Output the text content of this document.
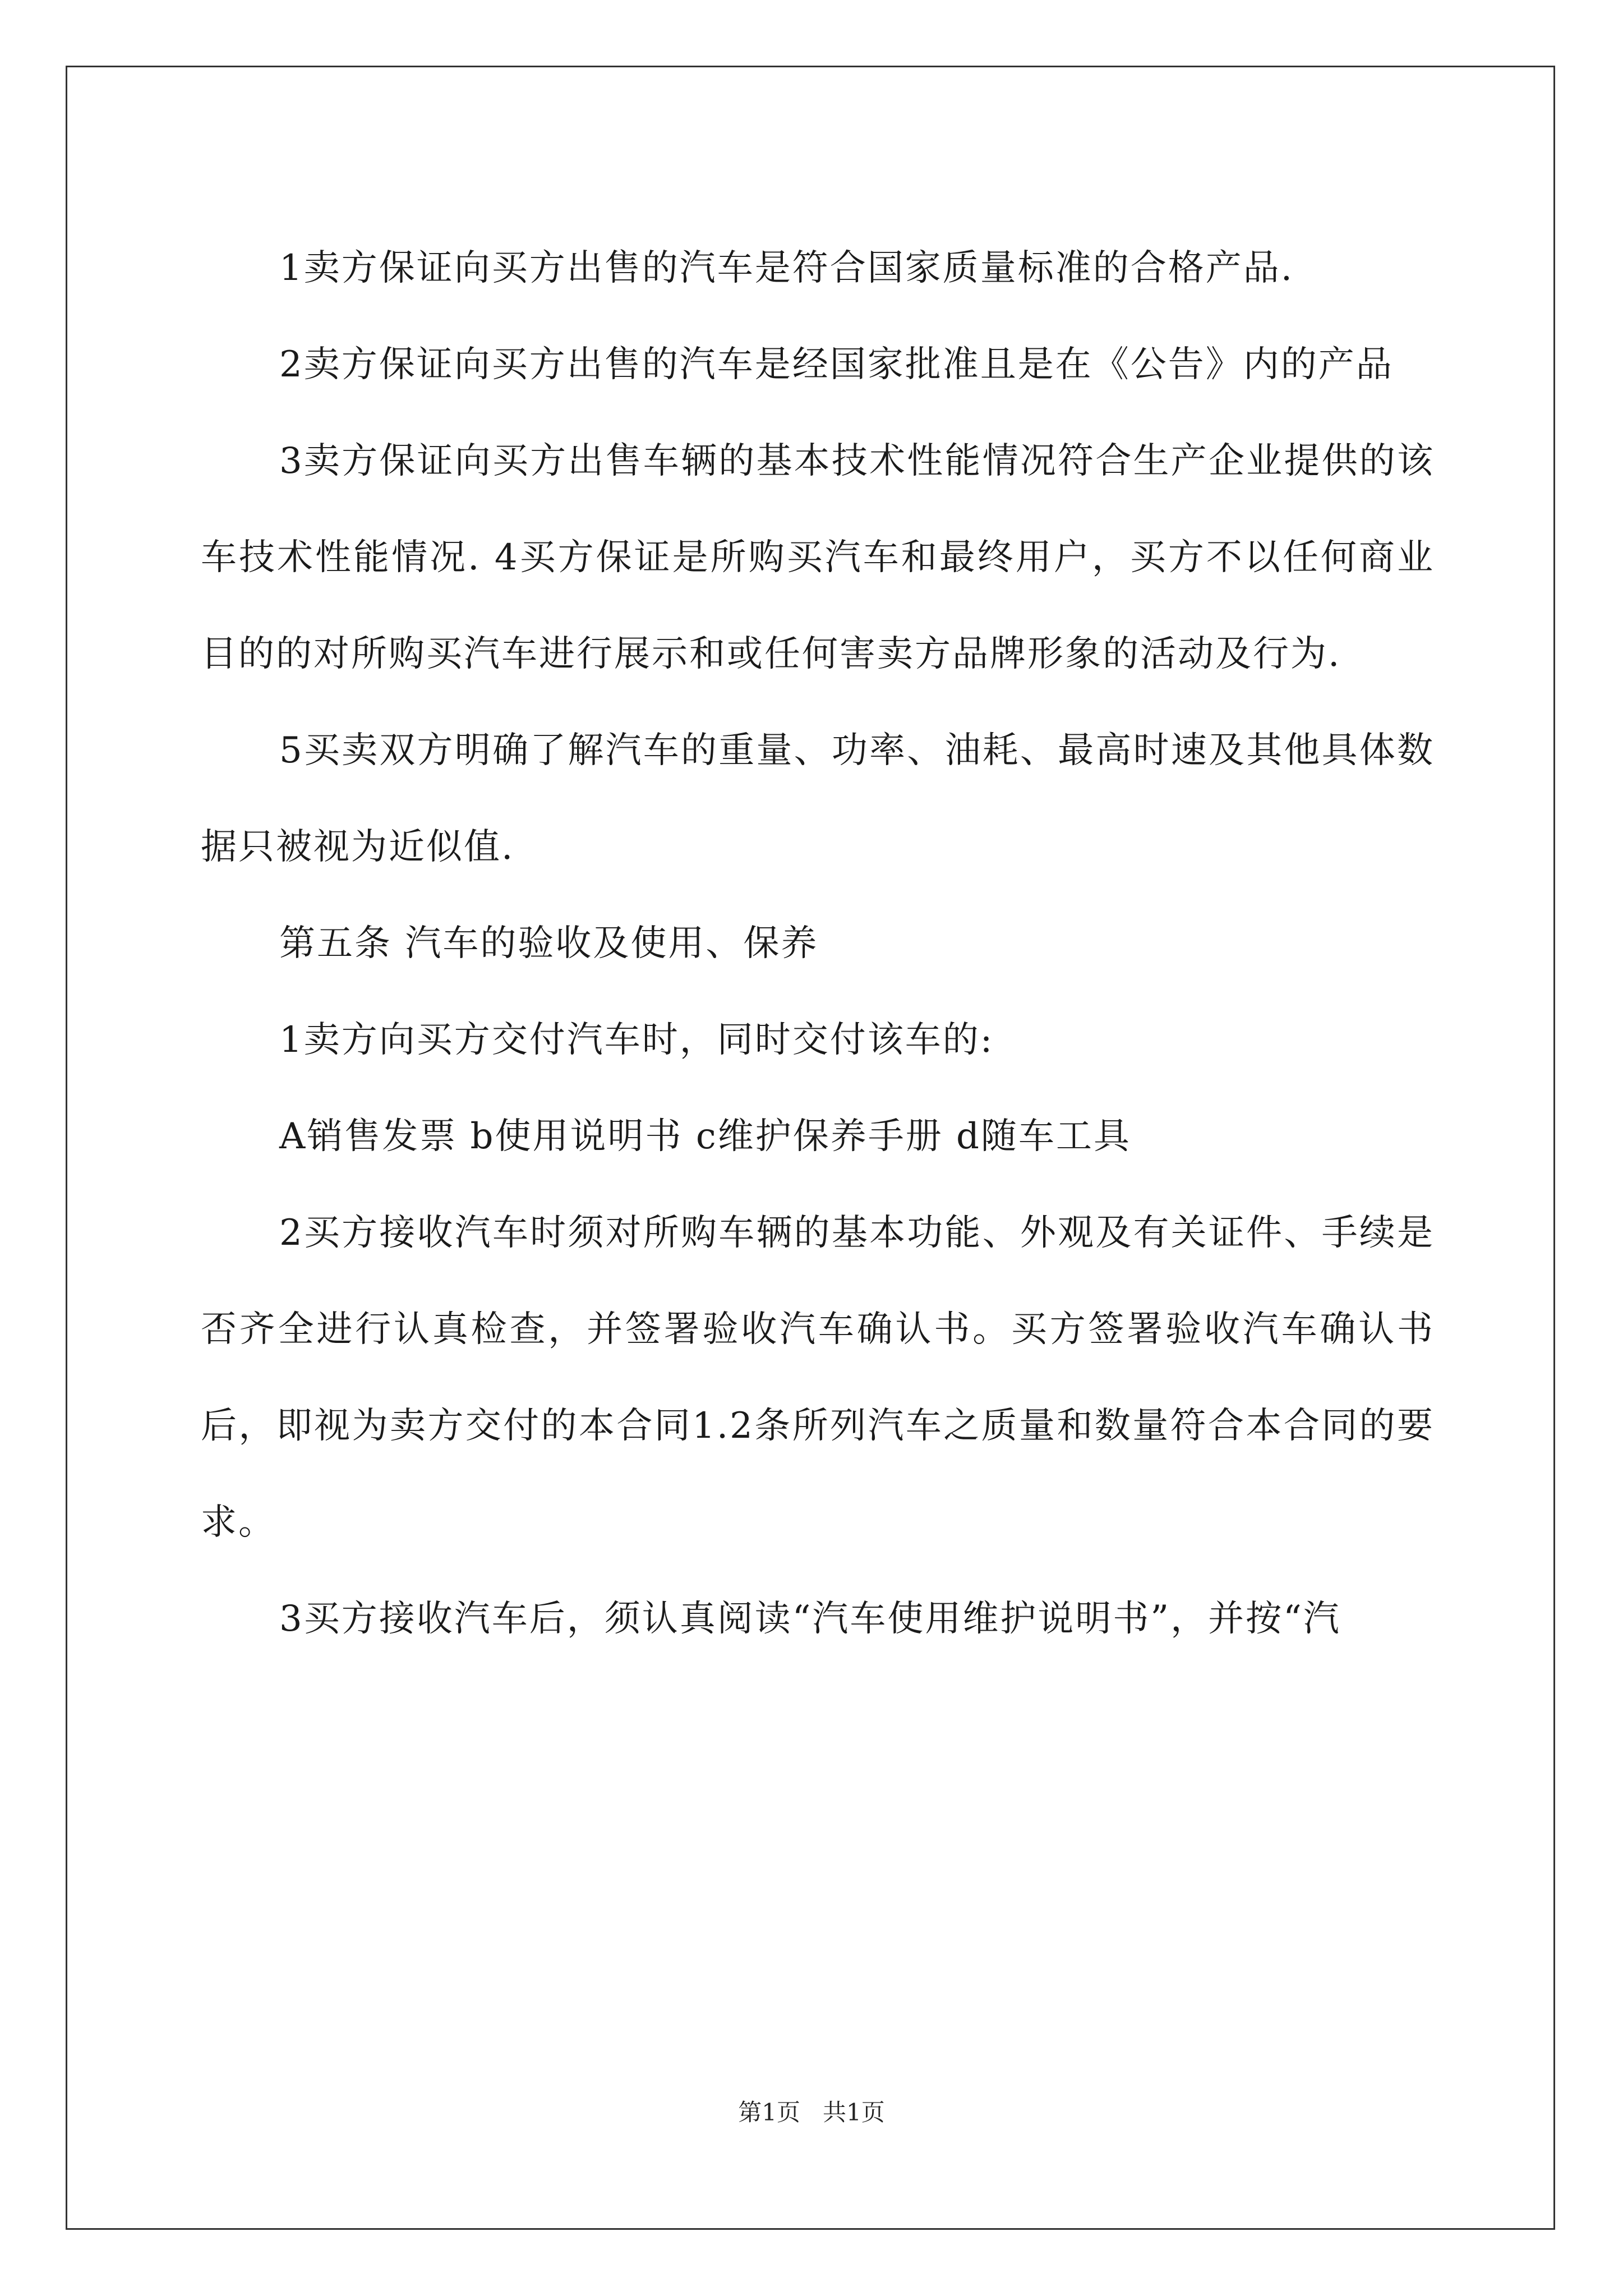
1卖方保证向买方出售的汽车是符合国家质量标准的合格产品.

2卖方保证向买方出售的汽车是经国家批准且是在《公告》内的产品

3卖方保证向买方出售车辆的基本技术性能情况符合生产企业提供的该车技术性能情况. 4买方保证是所购买汽车和最终用户，买方不以任何商业目的的对所购买汽车进行展示和或任何害卖方品牌形象的活动及行为.

5买卖双方明确了解汽车的重量、功率、油耗、最高时速及其他具体数据只被视为近似值.

第五条 汽车的验收及使用、保养

1卖方向买方交付汽车时，同时交付该车的:

A销售发票 b使用说明书 c维护保养手册 d随车工具

2买方接收汽车时须对所购车辆的基本功能、外观及有关证件、手续是否齐全进行认真检查，并签署验收汽车确认书。买方签署验收汽车确认书后，即视为卖方交付的本合同1.2条所列汽车之质量和数量符合本合同的要求。

3买方接收汽车后，须认真阅读“汽车使用维护说明书”，并按“汽

第1页   共1页
